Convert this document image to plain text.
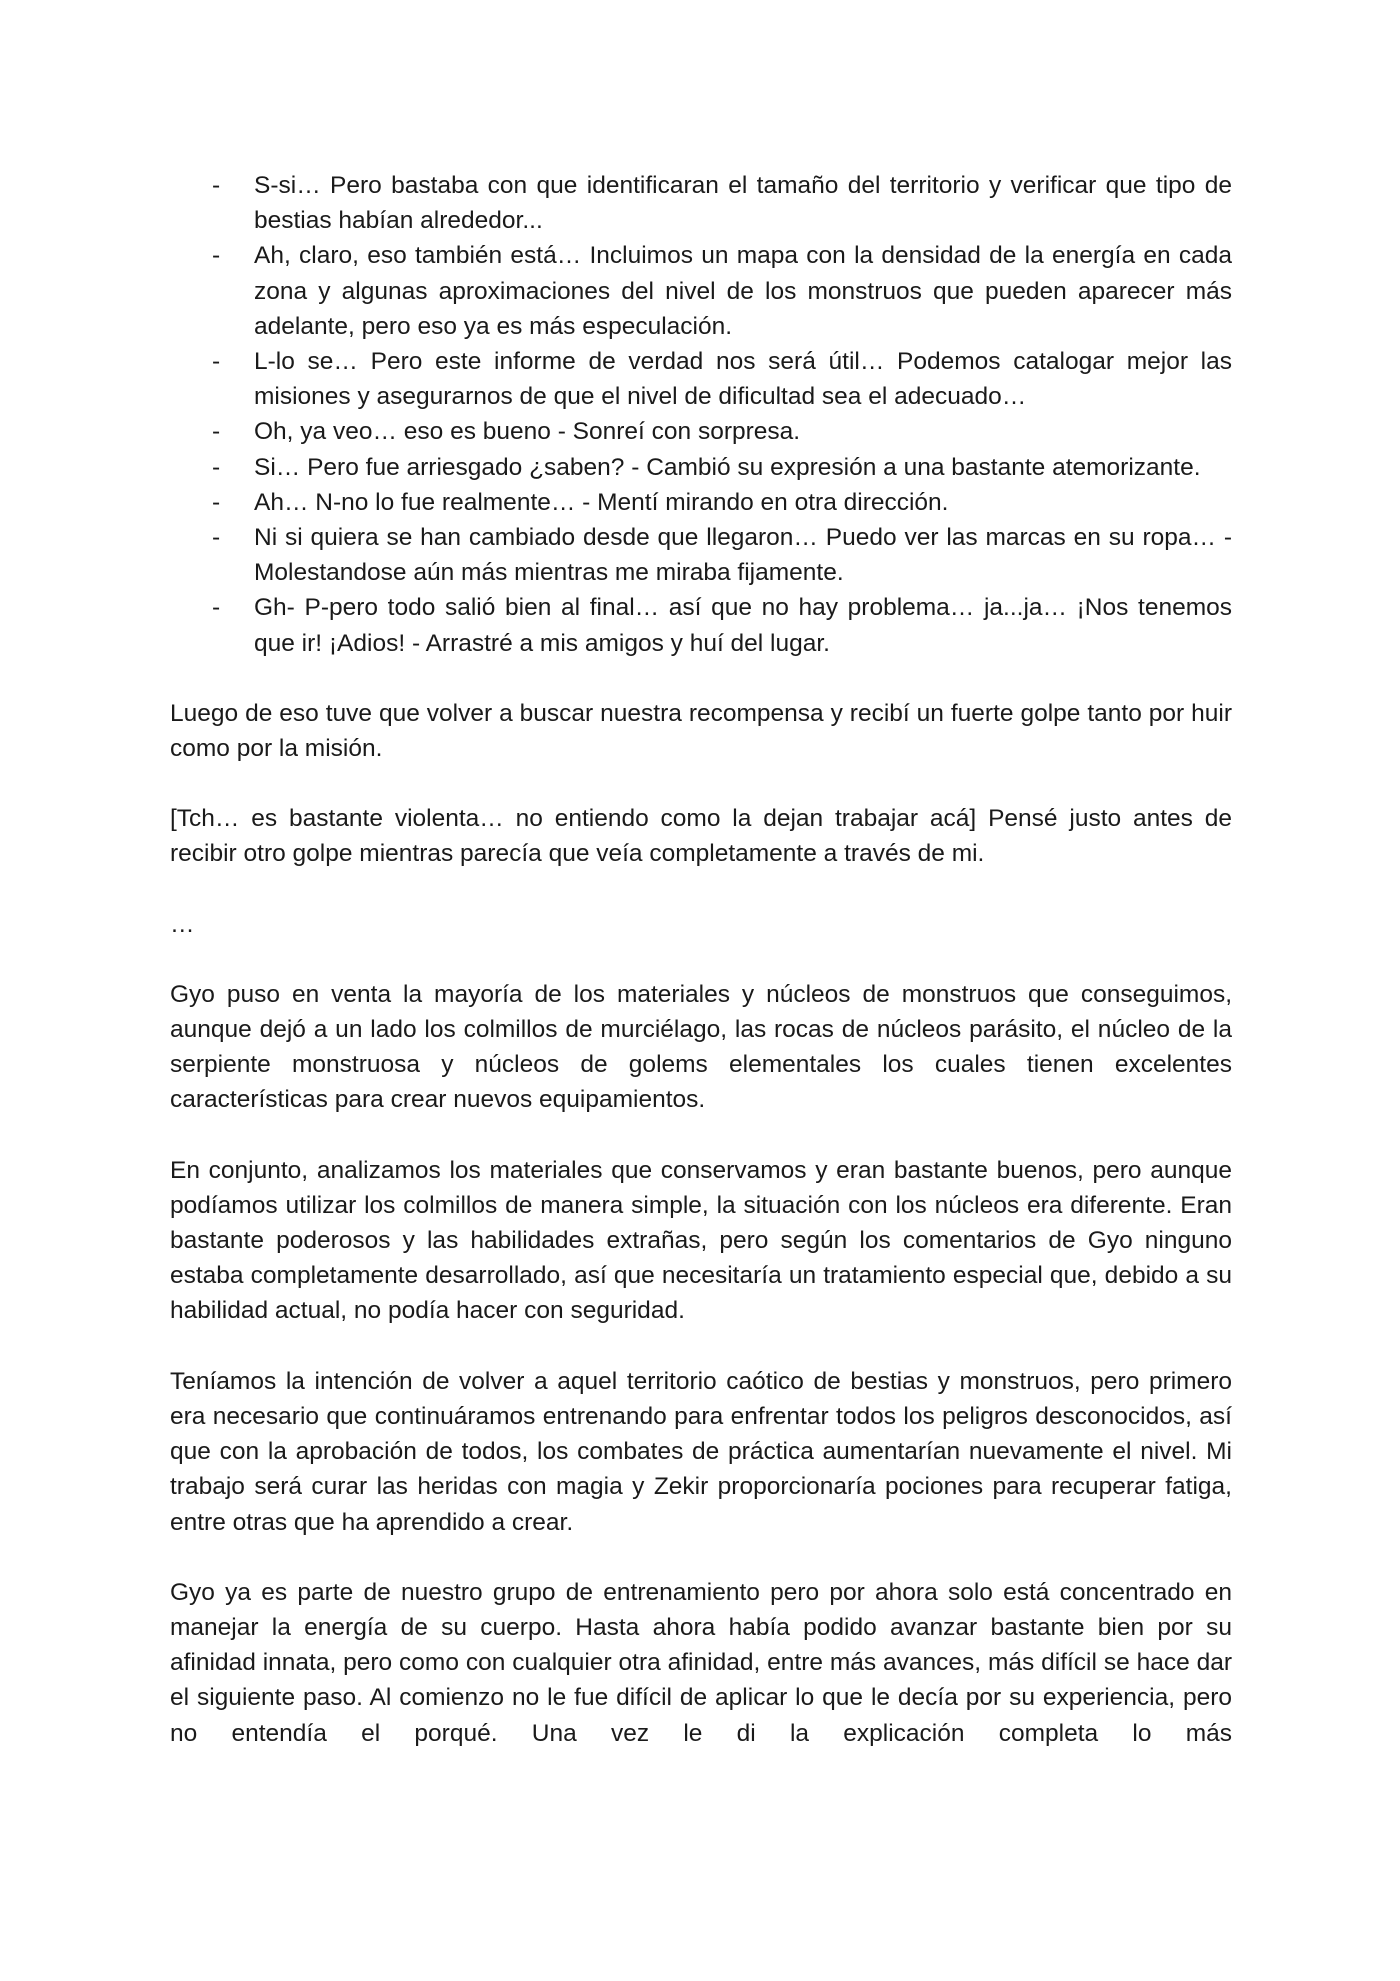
- S-si… Pero bastaba con que identificaran el tamaño del territorio y verificar que tipo de bestias habían alrededor...
- Ah, claro, eso también está… Incluimos un mapa con la densidad de la energía en cada zona y algunas aproximaciones del nivel de los monstruos que pueden aparecer más adelante, pero eso ya es más especulación.
- L-lo se… Pero este informe de verdad nos será útil… Podemos catalogar mejor las misiones y asegurarnos de que el nivel de dificultad sea el adecuado…
- Oh, ya veo… eso es bueno - Sonreí con sorpresa.
- Si… Pero fue arriesgado ¿saben? - Cambió su expresión a una bastante atemorizante.
- Ah… N-no lo fue realmente… - Mentí mirando en otra dirección.
- Ni si quiera se han cambiado desde que llegaron… Puedo ver las marcas en su ropa… - Molestandose aún más mientras me miraba fijamente.
- Gh- P-pero todo salió bien al final… así que no hay problema… ja...ja… ¡Nos tenemos que ir! ¡Adios! - Arrastré a mis amigos y huí del lugar.

Luego de eso tuve que volver a buscar nuestra recompensa y recibí un fuerte golpe tanto por huir como por la misión.

[Tch… es bastante violenta… no entiendo como la dejan trabajar acá] Pensé justo antes de recibir otro golpe mientras parecía que veía completamente a través de mi.

…

Gyo puso en venta la mayoría de los materiales y núcleos de monstruos que conseguimos, aunque dejó a un lado los colmillos de murciélago, las rocas de núcleos parásito, el núcleo de la serpiente monstruosa y núcleos de golems elementales los cuales tienen excelentes características para crear nuevos equipamientos.

En conjunto, analizamos los materiales que conservamos y eran bastante buenos, pero aunque podíamos utilizar los colmillos de manera simple, la situación con los núcleos era diferente. Eran bastante poderosos y las habilidades extrañas, pero según los comentarios de Gyo ninguno estaba completamente desarrollado, así que necesitaría un tratamiento especial que, debido a su habilidad actual, no podía hacer con seguridad.

Teníamos la intención de volver a aquel territorio caótico de bestias y monstruos, pero primero era necesario que continuáramos entrenando para enfrentar todos los peligros desconocidos, así que con la aprobación de todos, los combates de práctica aumentarían nuevamente el nivel. Mi trabajo será curar las heridas con magia y Zekir proporcionaría pociones para recuperar fatiga, entre otras que ha aprendido a crear.

Gyo ya es parte de nuestro grupo de entrenamiento pero por ahora solo está concentrado en manejar la energía de su cuerpo. Hasta ahora había podido avanzar bastante bien por su afinidad innata, pero como con cualquier otra afinidad, entre más avances, más difícil se hace dar el siguiente paso. Al comienzo no le fue difícil de aplicar lo que le decía por su experiencia, pero no entendía el porqué. Una vez le di la explicación completa lo más
